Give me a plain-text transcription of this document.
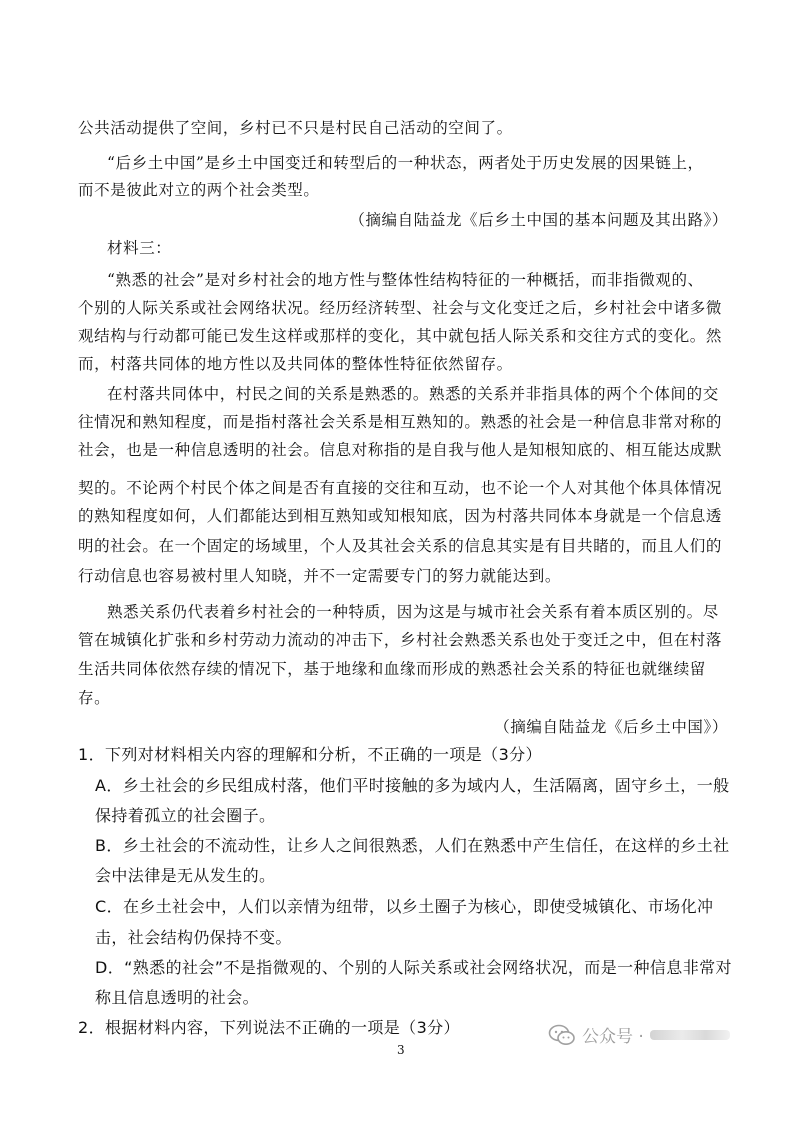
公共活动提供了空间，乡村已不只是村民自己活动的空间了。
“后乡土中国”是乡土中国变迁和转型后的一种状态，两者处于历史发展的因果链上，
而不是彼此对立的两个社会类型。
（摘编自陆益龙《后乡土中国的基本问题及其出路》）
材料三：
“熟悉的社会”是对乡村社会的地方性与整体性结构特征的一种概括，而非指微观的、
个别的人际关系或社会网络状况。经历经济转型、社会与文化变迁之后，乡村社会中诸多微
观结构与行动都可能已发生这样或那样的变化，其中就包括人际关系和交往方式的变化。然
而，村落共同体的地方性以及共同体的整体性特征依然留存。
在村落共同体中，村民之间的关系是熟悉的。熟悉的关系并非指具体的两个个体间的交
往情况和熟知程度，而是指村落社会关系是相互熟知的。熟悉的社会是一种信息非常对称的
社会，也是一种信息透明的社会。信息对称指的是自我与他人是知根知底的、相互能达成默
契的。不论两个村民个体之间是否有直接的交往和互动，也不论一个人对其他个体具体情况
的熟知程度如何，人们都能达到相互熟知或知根知底，因为村落共同体本身就是一个信息透
明的社会。在一个固定的场域里，个人及其社会关系的信息其实是有目共睹的，而且人们的
行动信息也容易被村里人知晓，并不一定需要专门的努力就能达到。
熟悉关系仍代表着乡村社会的一种特质，因为这是与城市社会关系有着本质区别的。尽
管在城镇化扩张和乡村劳动力流动的冲击下，乡村社会熟悉关系也处于变迁之中，但在村落
生活共同体依然存续的情况下，基于地缘和血缘而形成的熟悉社会关系的特征也就继续留
存。
（摘编自陆益龙《后乡土中国》）
1．下列对材料相关内容的理解和分析，不正确的一项是（3分）
A．乡土社会的乡民组成村落，他们平时接触的多为域内人，生活隔离，固守乡土，一般
保持着孤立的社会圈子。
B．乡土社会的不流动性，让乡人之间很熟悉，人们在熟悉中产生信任，在这样的乡土社
会中法律是无从发生的。
C．在乡土社会中，人们以亲情为纽带，以乡土圈子为核心，即使受城镇化、市场化冲
击，社会结构仍保持不变。
D．“熟悉的社会”不是指微观的、个别的人际关系或社会网络状况，而是一种信息非常对
称且信息透明的社会。
2．根据材料内容，下列说法不正确的一项是（3分）	公众号 ·
3
